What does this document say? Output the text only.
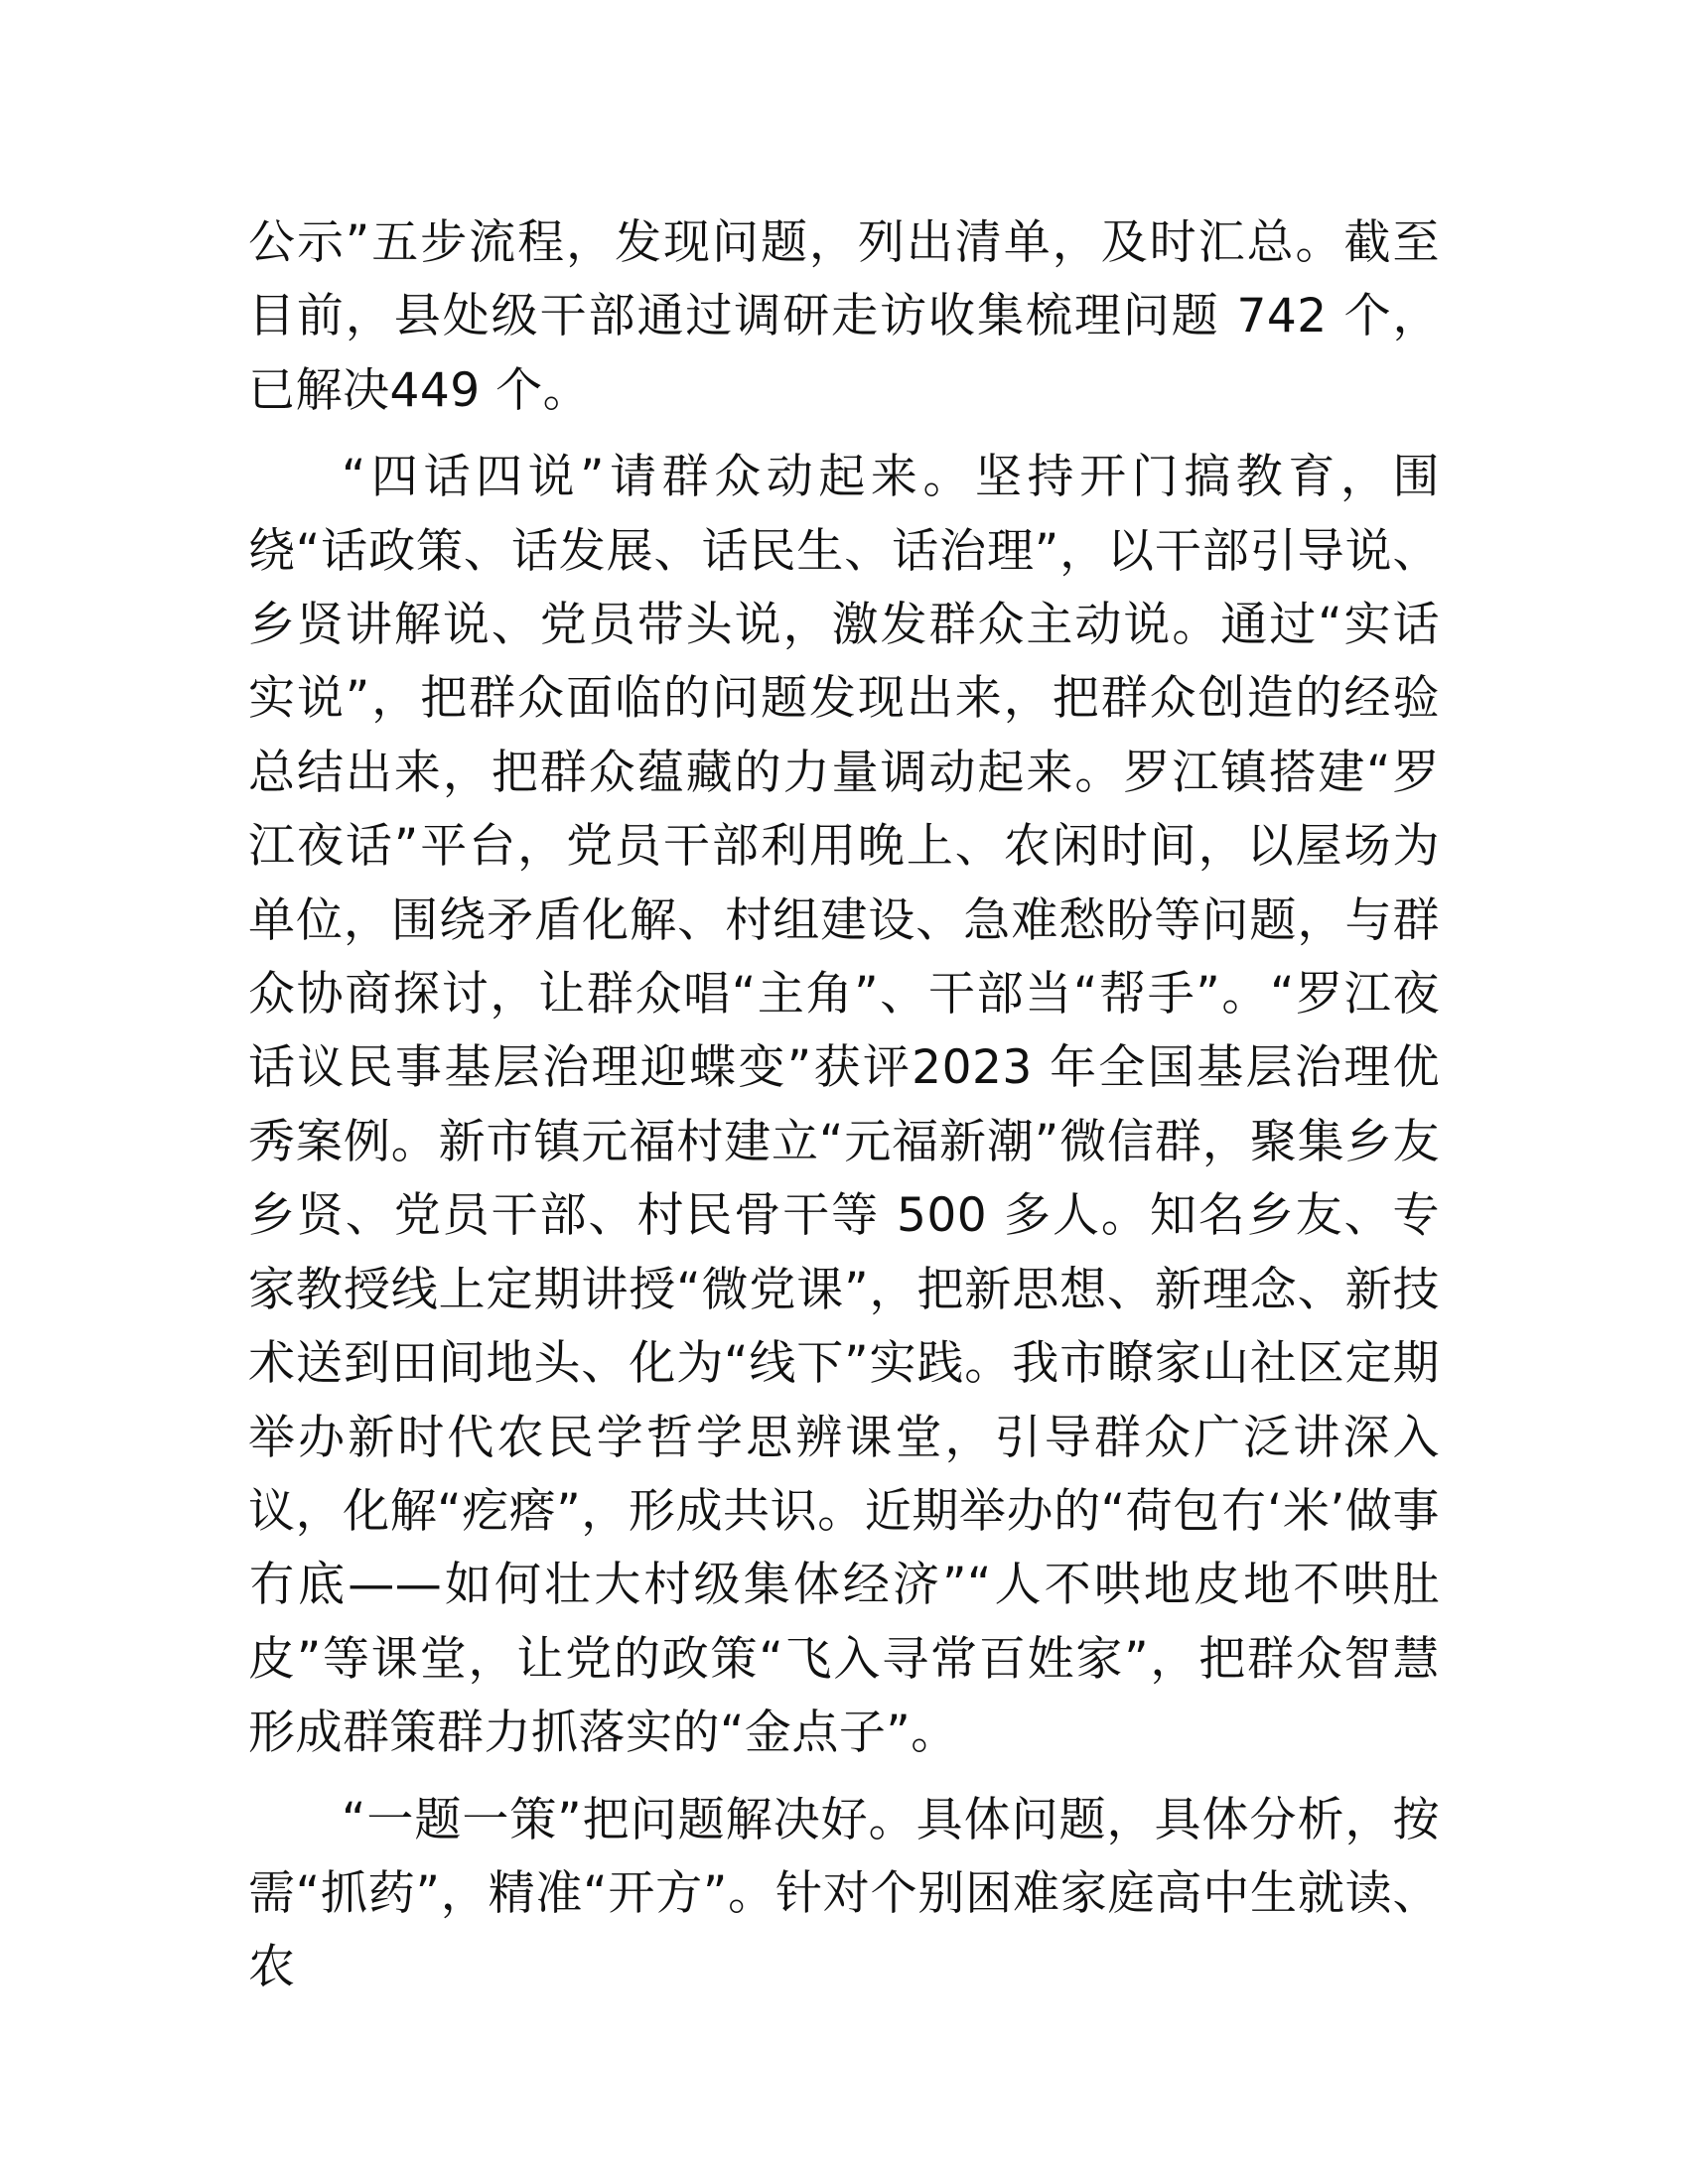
公示”五步流程，发现问题，列出清单，及时汇总。截至目前，县处级干部通过调研走访收集梳理问题 742 个，已解决449 个。

“四话四说”请群众动起来。坚持开门搞教育，围绕“话政策、话发展、话民生、话治理”，以干部引导说、乡贤讲解说、党员带头说，激发群众主动说。通过“实话实说”，把群众面临的问题发现出来，把群众创造的经验总结出来，把群众蕴藏的力量调动起来。罗江镇搭建“罗江夜话”平台，党员干部利用晚上、农闲时间，以屋场为单位，围绕矛盾化解、村组建设、急难愁盼等问题，与群众协商探讨，让群众唱“主角”、干部当“帮手”。“罗江夜话议民事基层治理迎蝶变”获评2023 年全国基层治理优秀案例。新市镇元福村建立“元福新潮”微信群，聚集乡友乡贤、党员干部、村民骨干等 500 多人。知名乡友、专家教授线上定期讲授“微党课”，把新思想、新理念、新技术送到田间地头、化为“线下”实践。我市瞭家山社区定期举办新时代农民学哲学思辨课堂，引导群众广泛讲深入议，化解“疙瘩”，形成共识。近期举办的“荷包冇‘米’做事冇底——如何壮大村级集体经济”“人不哄地皮地不哄肚皮”等课堂，让党的政策“飞入寻常百姓家”，把群众智慧形成群策群力抓落实的“金点子”。

“一题一策”把问题解决好。具体问题，具体分析，按需“抓药”，精准“开方”。针对个别困难家庭高中生就读、农
